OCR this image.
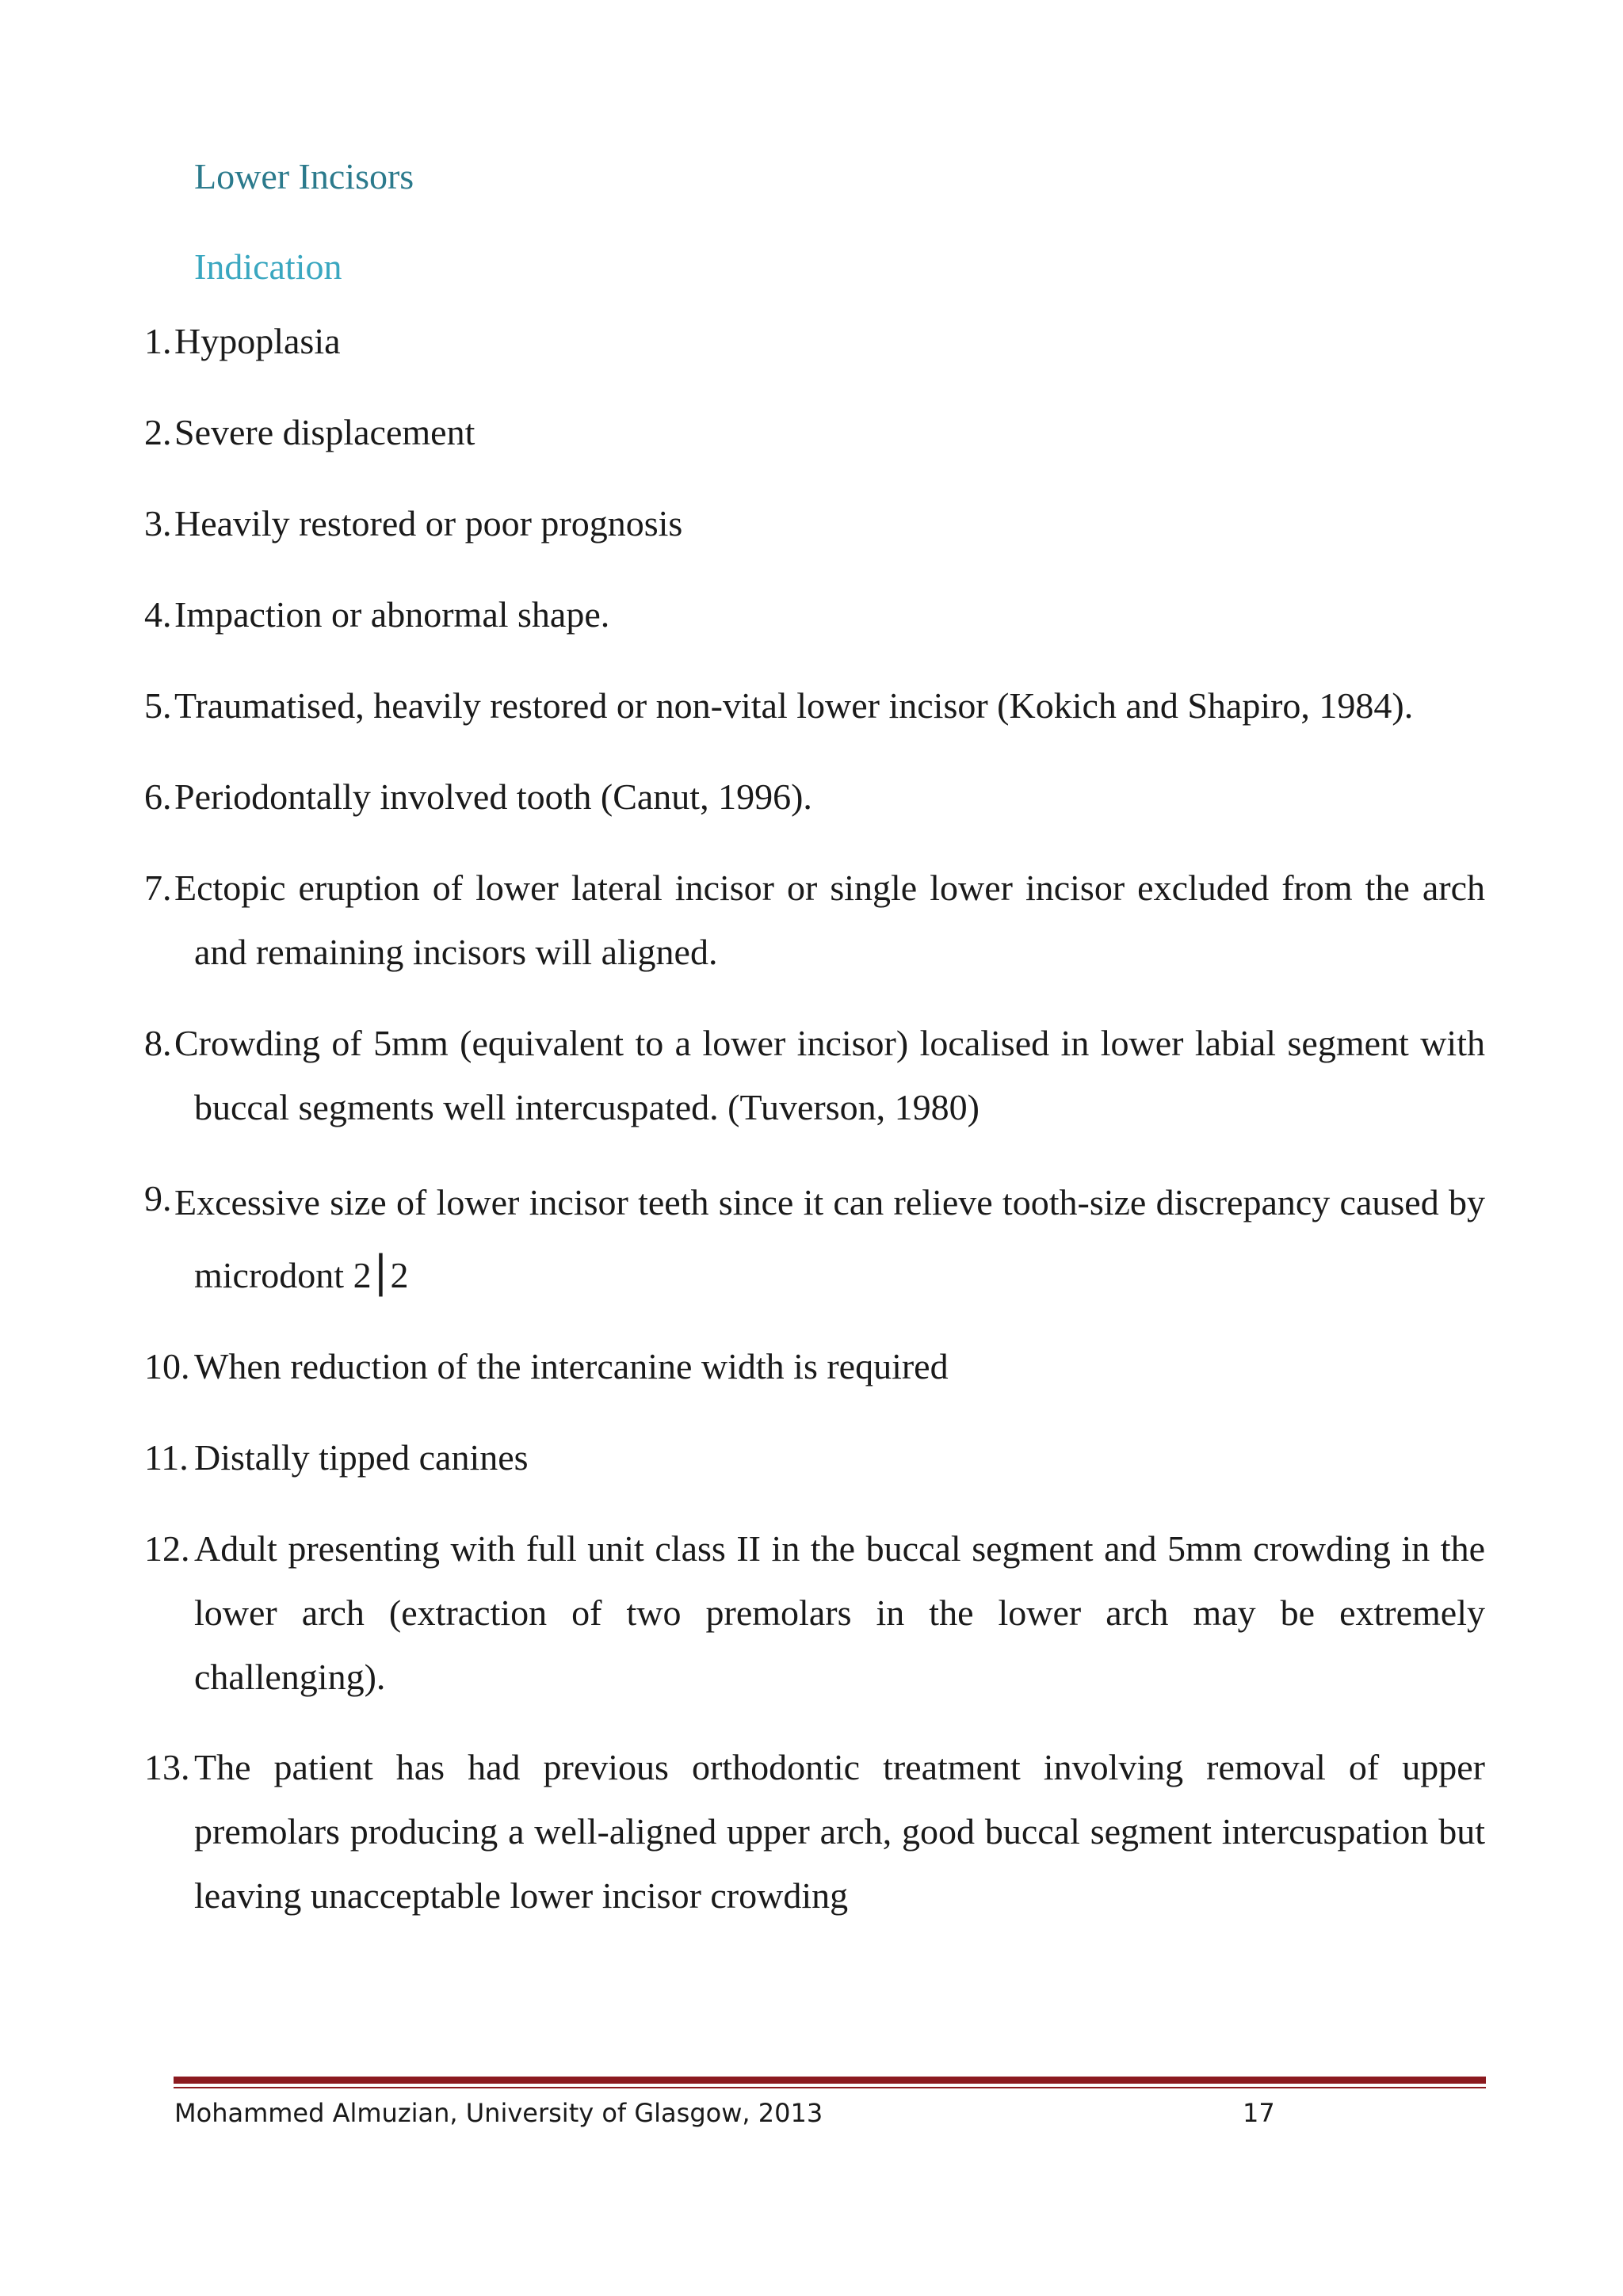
Lower Incisors
Indication
1. Hypoplasia
2. Severe displacement
3. Heavily restored or poor prognosis
4. Impaction or abnormal shape.
5. Traumatised, heavily restored or non-vital lower incisor (Kokich and Shapiro, 1984).
6. Periodontally involved tooth (Canut, 1996).
7. Ectopic eruption of lower lateral incisor or single lower incisor excluded from the arch and remaining incisors will aligned.
8. Crowding of 5mm (equivalent to a lower incisor) localised in lower labial segment with buccal segments well intercuspated. (Tuverson, 1980)
9. Excessive size of lower incisor teeth since it can relieve tooth-size discrepancy caused by microdont 2⎮2
10. When reduction of the intercanine width is required
11. Distally tipped canines
12. Adult presenting with full unit class II in the buccal segment and 5mm crowding in the lower arch (extraction of two premolars in the lower arch may be extremely challenging).
13. The patient has had previous orthodontic treatment involving removal of upper premolars producing a well-aligned upper arch, good buccal segment intercuspation but leaving unacceptable lower incisor crowding
Mohammed Almuzian, University of Glasgow, 2013	17
